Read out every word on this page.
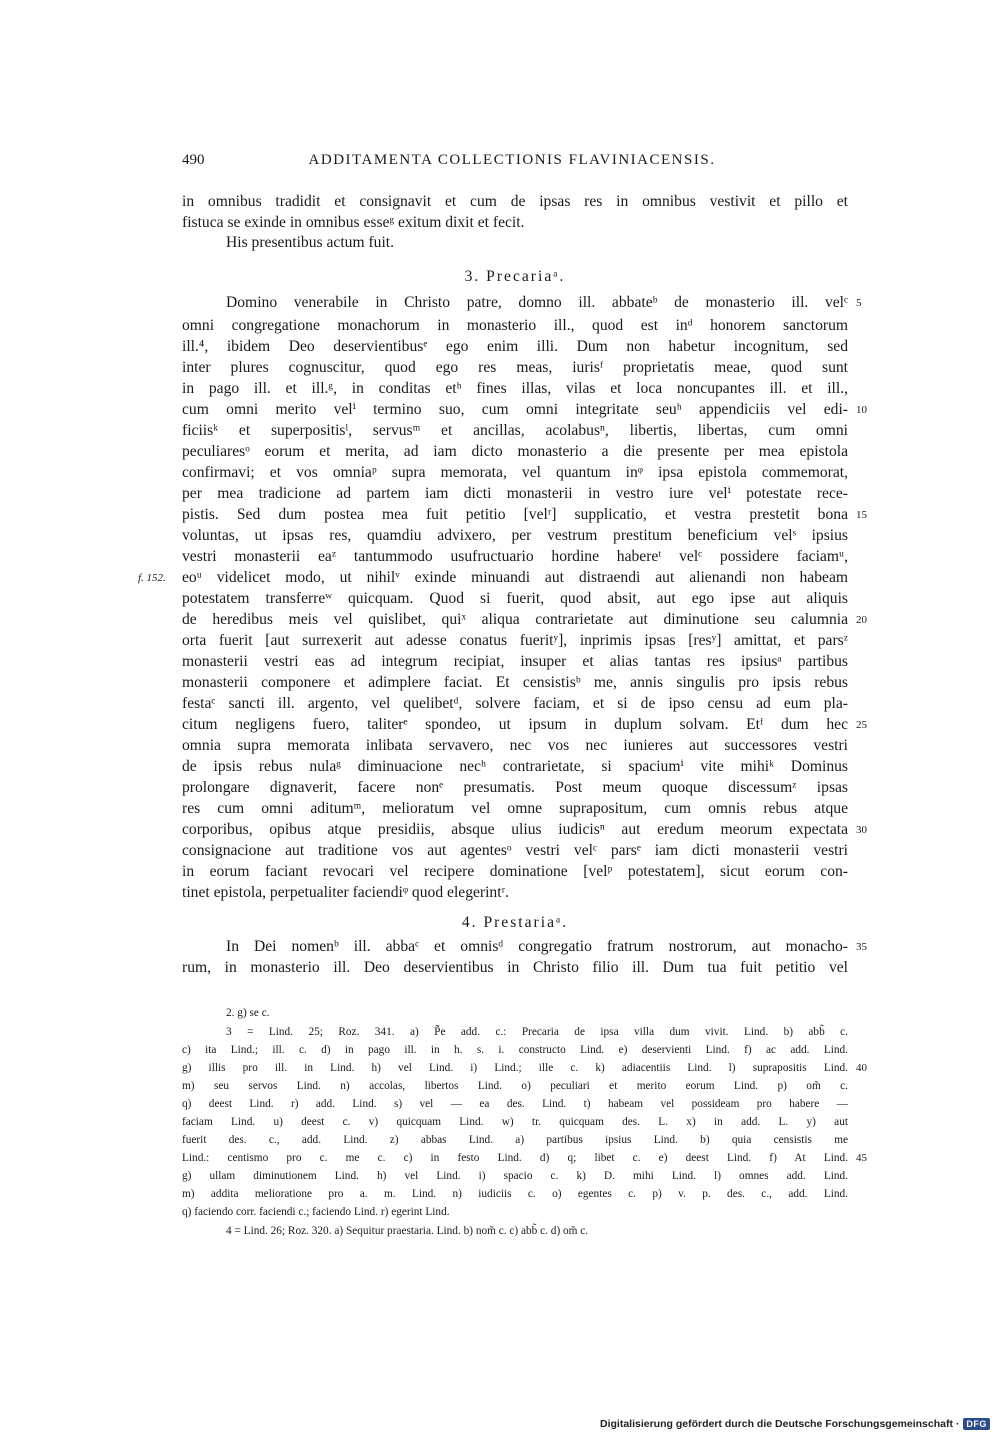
490	ADDITAMENTA COLLECTIONIS FLAVINIACENSIS.
in omnibus tradidit et consignavit et cum de ipsas res in omnibus vestivit et pillo et
fistuca se exinde in omnibus esseᵍ exitum dixit et fecit.
His presentibus actum fuit.
3. Precariaᵃ.
Domino venerabile in Christo patre, domno ill. abbateᵇ de monasterio ill. velᶜ
omni congregatione monachorum in monasterio ill., quod est inᵈ honorem sanctorum
ill.⁴, ibidem Deo deservientibusᵉ ego enim illi. Dum non habetur incognitum, sed
inter plures cognuscitur, quod ego res meas, iurisᶠ proprietatis meae, quod sunt
in pago ill. et ill.ᵍ, in conditas etʰ fines illas, vilas et loca noncupantes ill. et ill.,
cum omni merito velⁱ termino suo, cum omni integritate seuʰ appendiciis vel edi-
ficiisᵏ et superpositisˡ, servusᵐ et ancillas, acolabusⁿ, libertis, libertas, cum omni
peculiaresᵒ eorum et merita, ad iam dicto monasterio a die presente per mea epistola
confirmavi; et vos omniaᵖ supra memorata, vel quantum inᵠ ipsa epistola commemorat,
per mea tradicione ad partem iam dicti monasterii in vestro iure velⁱ potestate rece-
pistis. Sed dum postea mea fuit petitio [velʳ] supplicatio, et vestra prestetit bona
voluntas, ut ipsas res, quamdiu advixero, per vestrum prestitum beneficium velˢ ipsius
vestri monasterii eaᶻ tantummodo usufructuario hordine habereᵗ velᶜ possidere faciamᵘ,
eoᵘ videlicet modo, ut nihilᵛ exinde minuandi aut distraendi aut alienandi non habeam
potestatem transferreʷ quicquam. Quod si fuerit, quod absit, aut ego ipse aut aliquis
de heredibus meis vel quislibet, quiˣ aliqua contrarietate aut diminutione seu calumnia
orta fuerit [aut surrexerit aut adesse conatus fueritʸ], inprimis ipsas [resʸ] amittat, et parsᶻ
monasterii vestri eas ad integrum recipiat, insuper et alias tantas res ipsiusᵃ partibus
monasterii componere et adimplere faciat. Et censistisᵇ me, annis singulis pro ipsis rebus
festaᶜ sancti ill. argento, vel quelibetᵈ, solvere faciam, et si de ipso censu ad eum pla-
citum negligens fuero, taliterᵉ spondeo, ut ipsum in duplum solvam. Etᶠ dum hec
omnia supra memorata inlibata servavero, nec vos nec iunieres aut successores vestri
de ipsis rebus nulaᵍ diminuacione necʰ contrarietate, si spaciumⁱ vite mihiᵏ Dominus
prolongare dignaverit, facere nonᵉ presumatis. Post meum quoque discessumᶻ ipsas
res cum omni aditumᵐ, melioratum vel omne suprapositum, cum omnis rebus atque
corporibus, opibus atque presidiis, absque ulius iudicisⁿ aut eredum meorum expectata
consignacione aut traditione vos aut agentesᵒ vestri velᶜ parsᵉ iam dicti monasterii vestri
in eorum faciant revocari vel recipere dominatione [velᵖ potestatem], sicut eorum con-
tinet epistola, perpetualiter faciendiᵠ quod elegerintʳ.
4. Prestariaᵃ.
In Dei nomenᵇ ill. abbaᶜ et omnisᵈ congregatio fratrum nostrorum, aut monacho-
rum, in monasterio ill. Deo deservientibus in Christo filio ill. Dum tua fuit petitio vel
5
10
15
20
25
30
35
40
45
f. 152.
2. g) se c.
3 = Lind. 25; Roz. 341. a) P̃̃e add. c.: Precaria de ipsa villa dum vivit. Lind. b) abb̃ c.
c) ita Lind.; ill. c. d) in pago ill. in h. s. i. constructo Lind. e) deservienti Lind. f) ac add. Lind.
g) illis pro ill. in Lind. h) vel Lind. i) Lind.; ille c. k) adiacentiis Lind. l) suprapositis Lind.
m) seu servos Lind. n) accolas, libertos Lind. o) peculiari et merito eorum Lind. p) om̃ c.
q) deest Lind. r) add. Lind. s) vel — ea des. Lind. t) habeam vel possideam pro habere —
faciam Lind. u) deest c. v) quicquam Lind. w) tr. quicquam des. L. x) in add. L. y) aut
fuerit des. c., add. Lind. z) abbas Lind. a) partibus ipsius Lind. b) quia censistis me
Lind.: centismo pro c. me c. c) in festo Lind. d) q; libet c. e) deest Lind. f) At Lind.
g) ullam diminutionem Lind. h) vel Lind. i) spacio c. k) D. mihi Lind. l) omnes add. Lind.
m) addita melioratione pro a. m. Lind. n) iudiciis c. o) egentes c. p) v. p. des. c., add. Lind.
q) faciendo corr. faciendi c.; faciendo Lind. r) egerint Lind.
4 = Lind. 26; Roz. 320. a) Sequitur praestaria. Lind. b) nom̃ c. c) abb̃ c. d) om̃ c.
Digitalisierung gefördert durch die Deutsche Forschungsgemeinschaft · DFG
